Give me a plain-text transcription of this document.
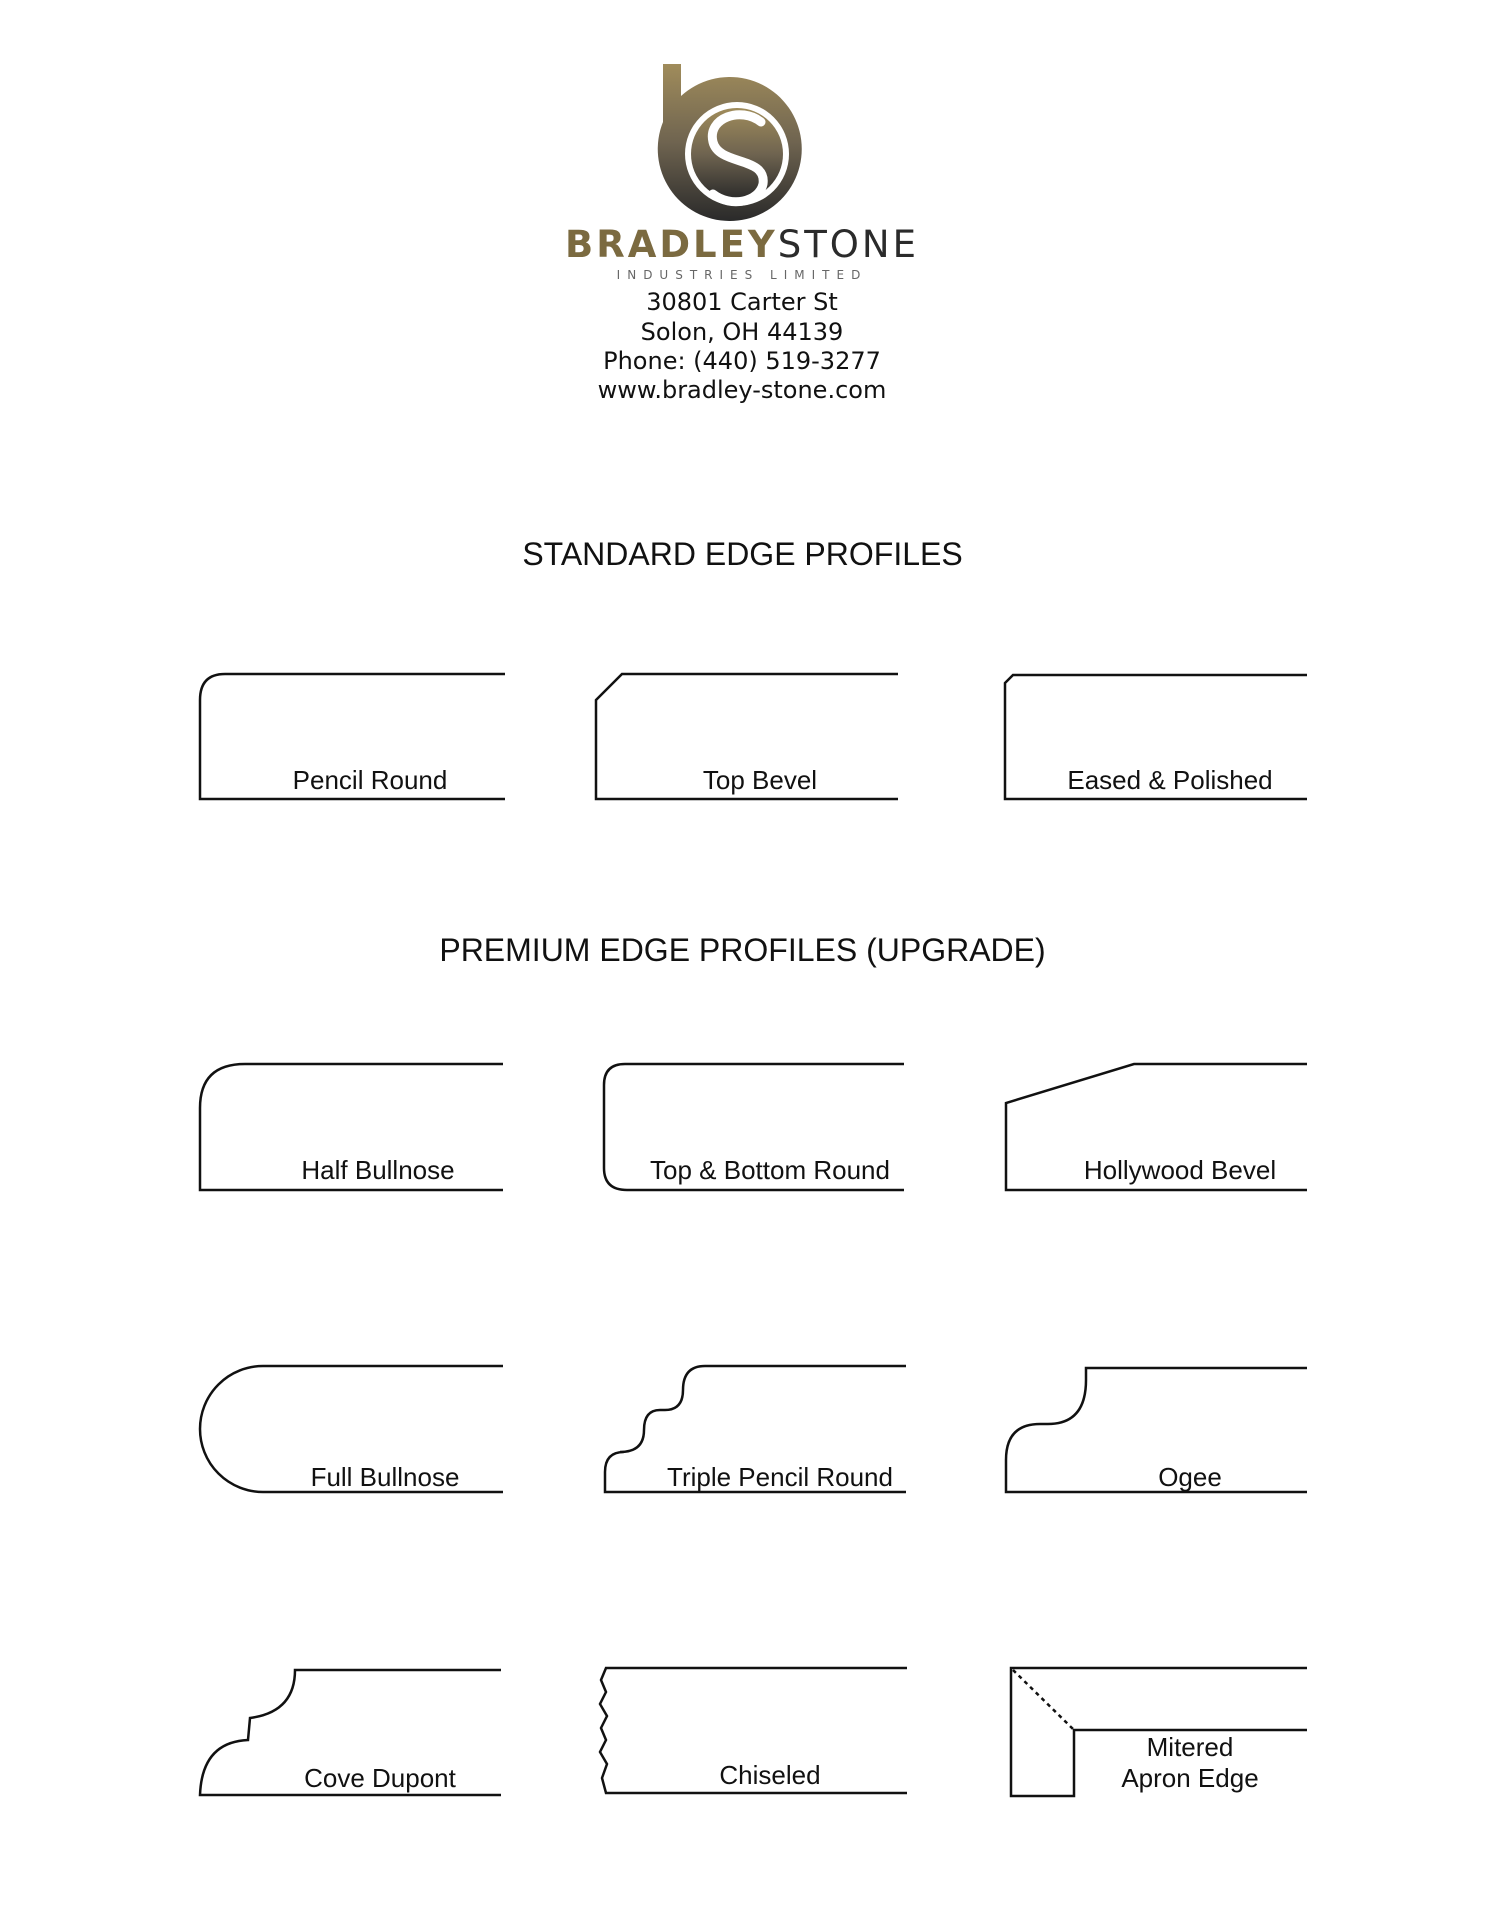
BRADLEYSTONE
INDUSTRIES LIMITED
30801 Carter St
Solon, OH 44139
Phone: (440) 519-3277
www.bradley-stone.com
STANDARD EDGE PROFILES
PREMIUM EDGE PROFILES (UPGRADE)
Pencil Round	Top Bevel	Eased & Polished
Half Bullnose	Top & Bottom Round	Hollywood Bevel
Full Bullnose	Triple Pencil Round	Ogee
Cove Dupont	Chiseled
Mitered
Apron Edge
